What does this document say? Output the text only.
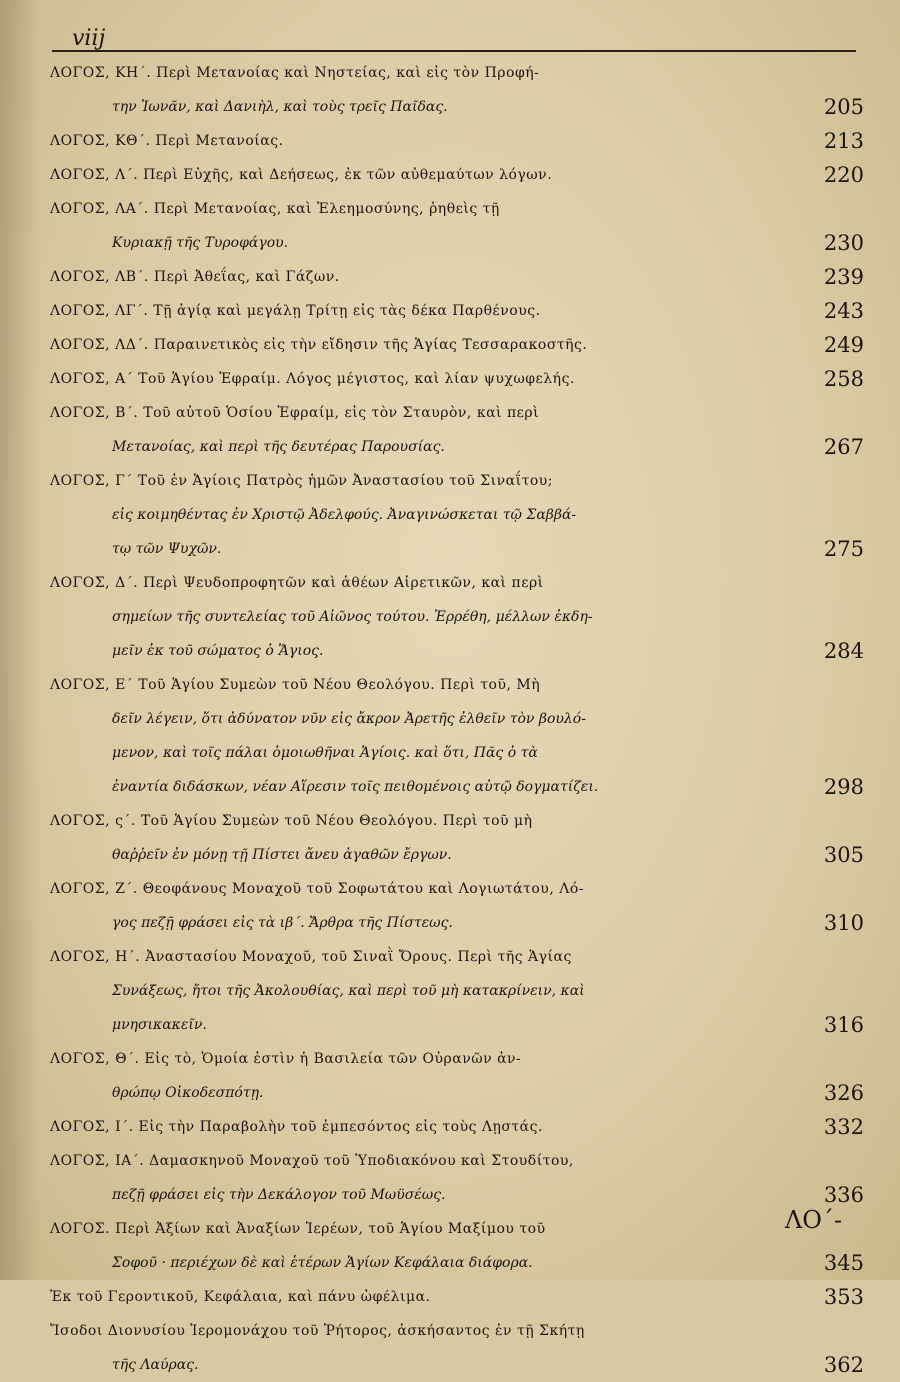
viij
ΛΟΓΟΣ, ΚΗ΄. Περὶ Μετανοίας καὶ Νηστείας, καὶ εἰς τὸν Προφή-
την Ἰωνᾶν, καὶ Δανιὴλ, καὶ τοὺς τρεῖς Παῖδας.	205
ΛΟΓΟΣ, ΚΘ΄. Περὶ Μετανοίας.	213
ΛΟΓΟΣ, Λ΄. Περὶ Εὐχῆς, καὶ Δεήσεως, ἐκ τῶν αὐθεμαύτων λόγων.	220
ΛΟΓΟΣ, ΛΑ΄. Περὶ Μετανοίας, καὶ Ἐλεημοσύνης, ῥηθεὶς τῇ
Κυριακῇ τῆς Τυροφάγου.	230
ΛΟΓΟΣ, ΛΒ΄. Περὶ Ἀθεΐας, καὶ Γάζων.	239
ΛΟΓΟΣ, ΛΓ΄. Τῇ ἁγίᾳ καὶ μεγάλῃ Τρίτῃ εἰς τὰς δέκα Παρθένους.	243
ΛΟΓΟΣ, ΛΔ΄. Παραινετικὸς εἰς τὴν εἴδησιν τῆς Ἁγίας Τεσσαρακοστῆς.	249
ΛΟΓΟΣ, Α΄ Τοῦ Ἁγίου Ἐφραίμ. Λόγος μέγιστος, καὶ λίαν ψυχωφελής.	258
ΛΟΓΟΣ, Β΄. Τοῦ αὐτοῦ Ὁσίου Ἐφραίμ, εἰς τὸν Σταυρὸν, καὶ περὶ
Μετανοίας, καὶ περὶ τῆς δευτέρας Παρουσίας.	267
ΛΟΓΟΣ, Γ΄ Τοῦ ἐν Ἁγίοις Πατρὸς ἡμῶν Ἀναστασίου τοῦ Σιναΐτου;
εἰς κοιμηθέντας ἐν Χριστῷ Ἀδελφούς. Ἀναγινώσκεται τῷ Σαββά-
τῳ τῶν Ψυχῶν.	275
ΛΟΓΟΣ, Δ΄. Περὶ Ψευδοπροφητῶν καὶ ἀθέων Αἱρετικῶν, καὶ περὶ
σημείων τῆς συντελείας τοῦ Αἰῶνος τούτου. Ἐρρέθη, μέλλων ἐκδη-
μεῖν ἐκ τοῦ σώματος ὁ Ἅγιος.	284
ΛΟΓΟΣ, Ε΄ Τοῦ Ἁγίου Συμεὼν τοῦ Νέου Θεολόγου. Περὶ τοῦ, Μὴ
δεῖν λέγειν, ὅτι ἀδύνατον νῦν εἰς ἄκρον Ἀρετῆς ἐλθεῖν τὸν βουλό-
μενον, καὶ τοῖς πάλαι ὁμοιωθῆναι Ἁγίοις. καὶ ὅτι, Πᾶς ὁ τὰ
ἐναντία διδάσκων, νέαν Αἵρεσιν τοῖς πειθομένοις αὐτῷ δογματίζει.	298
ΛΟΓΟΣ, ς΄. Τοῦ Ἁγίου Συμεὼν τοῦ Νέου Θεολόγου. Περὶ τοῦ μὴ
θαῤῥεῖν ἐν μόνῃ τῇ Πίστει ἄνευ ἀγαθῶν ἔργων.	305
ΛΟΓΟΣ, Ζ΄. Θεοφάνους Μοναχοῦ τοῦ Σοφωτάτου καὶ Λογιωτάτου, Λό-
γος πεζῇ φράσει εἰς τὰ ιβ΄. Ἄρθρα τῆς Πίστεως.	310
ΛΟΓΟΣ, Η΄. Ἀναστασίου Μοναχοῦ, τοῦ Σιναῒ Ὄρους. Περὶ τῆς Ἁγίας
Συνάξεως, ἤτοι τῆς Ἀκολουθίας, καὶ περὶ τοῦ μὴ κατακρίνειν, καὶ
μνησικακεῖν.	316
ΛΟΓΟΣ, Θ΄. Εἰς τὸ, Ὁμοία ἐστὶν ἡ Βασιλεία τῶν Οὐρανῶν ἀν-
θρώπῳ Οἰκοδεσπότῃ.	326
ΛΟΓΟΣ, Ι΄. Εἰς τὴν Παραβολὴν τοῦ ἐμπεσόντος εἰς τοὺς Λῃστάς.	332
ΛΟΓΟΣ, ΙΑ΄. Δαμασκηνοῦ Μοναχοῦ τοῦ Ὑποδιακόνου καὶ Στουδίτου,
πεζῇ φράσει εἰς τὴν Δεκάλογον τοῦ Μωϋσέως.	336
ΛΟΓΟΣ. Περὶ Ἀξίων καὶ Ἀναξίων Ἱερέων, τοῦ Ἁγίου Μαξίμου τοῦ
Σοφοῦ · περιέχων δὲ καὶ ἑτέρων Ἁγίων Κεφάλαια διάφορα.	345
Ἐκ τοῦ Γεροντικοῦ, Κεφάλαια, καὶ πάνυ ὠφέλιμα.	353
Ἴσοδοι Διονυσίου Ἱερομονάχου τοῦ Ῥήτορος, ἀσκήσαντος ἐν τῇ Σκήτῃ
τῆς Λαύρας.	362
ΛΟ΄-
